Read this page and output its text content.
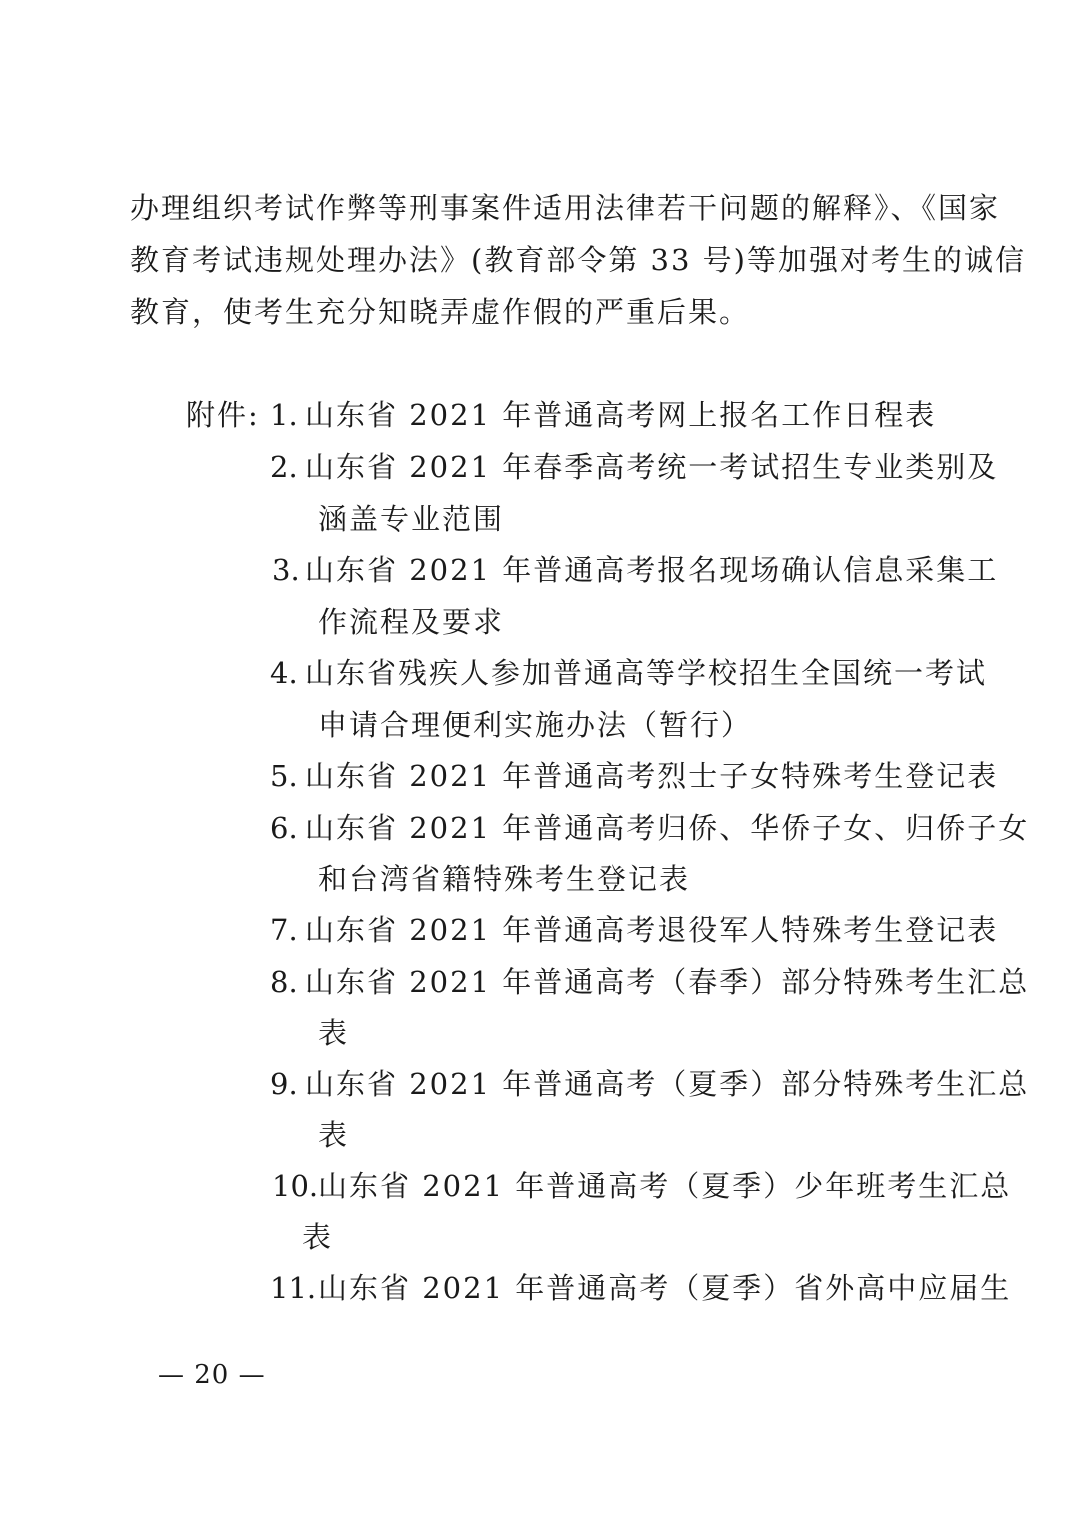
办理组织考试作弊等刑事案件适用法律若干问题的解释》、《国家
教育考试违规处理办法》(教育部令第 33 号)等加强对考生的诚信
教育，使考生充分知晓弄虚作假的严重后果。
附件: 1. 山东省 2021 年普通高考网上报名工作日程表
2. 山东省 2021 年春季高考统一考试招生专业类别及
涵盖专业范围
3. 山东省 2021 年普通高考报名现场确认信息采集工
作流程及要求
4. 山东省残疾人参加普通高等学校招生全国统一考试
申请合理便利实施办法（暂行）
5. 山东省 2021 年普通高考烈士子女特殊考生登记表
6. 山东省 2021 年普通高考归侨、华侨子女、归侨子女
和台湾省籍特殊考生登记表
7. 山东省 2021 年普通高考退役军人特殊考生登记表
8. 山东省 2021 年普通高考（春季）部分特殊考生汇总
表
9. 山东省 2021 年普通高考（夏季）部分特殊考生汇总
表
10. 山东省 2021 年普通高考（夏季）少年班考生汇总
表
11. 山东省 2021 年普通高考（夏季）省外高中应届生
— 20 —
